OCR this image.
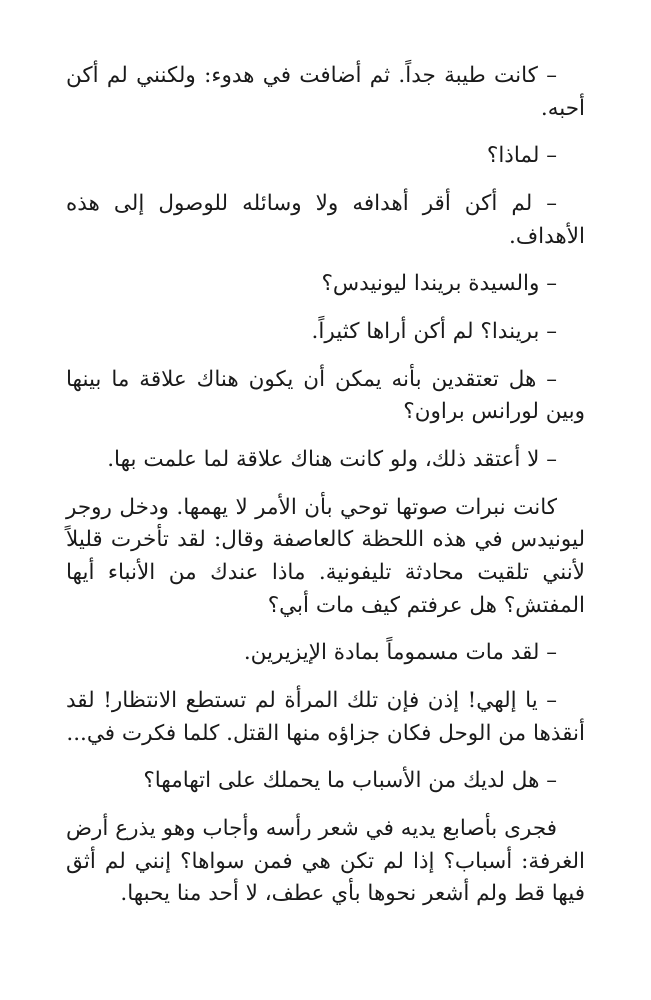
– كانت طيبة جداً. ثم أضافت في هدوء: ولكنني لم أكن أحبه.

– لماذا؟

– لم أكن أقر أهدافه ولا وسائله للوصول إلى هذه الأهداف.

– والسيدة بريندا ليونيدس؟

– بريندا؟ لم أكن أراها كثيراً.

– هل تعتقدين بأنه يمكن أن يكون هناك علاقة ما بينها وبين لورانس براون؟

– لا أعتقد ذلك، ولو كانت هناك علاقة لما علمت بها.

كانت نبرات صوتها توحي بأن الأمر لا يهمها. ودخل روجر ليونيدس في هذه اللحظة كالعاصفة وقال: لقد تأخرت قليلاً لأنني تلقيت محادثة تليفونية. ماذا عندك من الأنباء أيها المفتش؟ هل عرفتم كيف مات أبي؟

– لقد مات مسموماً بمادة الإيزيرين.

– يا إلهي! إذن فإن تلك المرأة لم تستطع الانتظار! لقد أنقذها من الوحل فكان جزاؤه منها القتل. كلما فكرت في...

– هل لديك من الأسباب ما يحملك على اتهامها؟

فجرى بأصابع يديه في شعر رأسه وأجاب وهو يذرع أرض الغرفة: أسباب؟ إذا لم تكن هي فمن سواها؟ إنني لم أثق فيها قط ولم أشعر نحوها بأي عطف، لا أحد منا يحبها.
